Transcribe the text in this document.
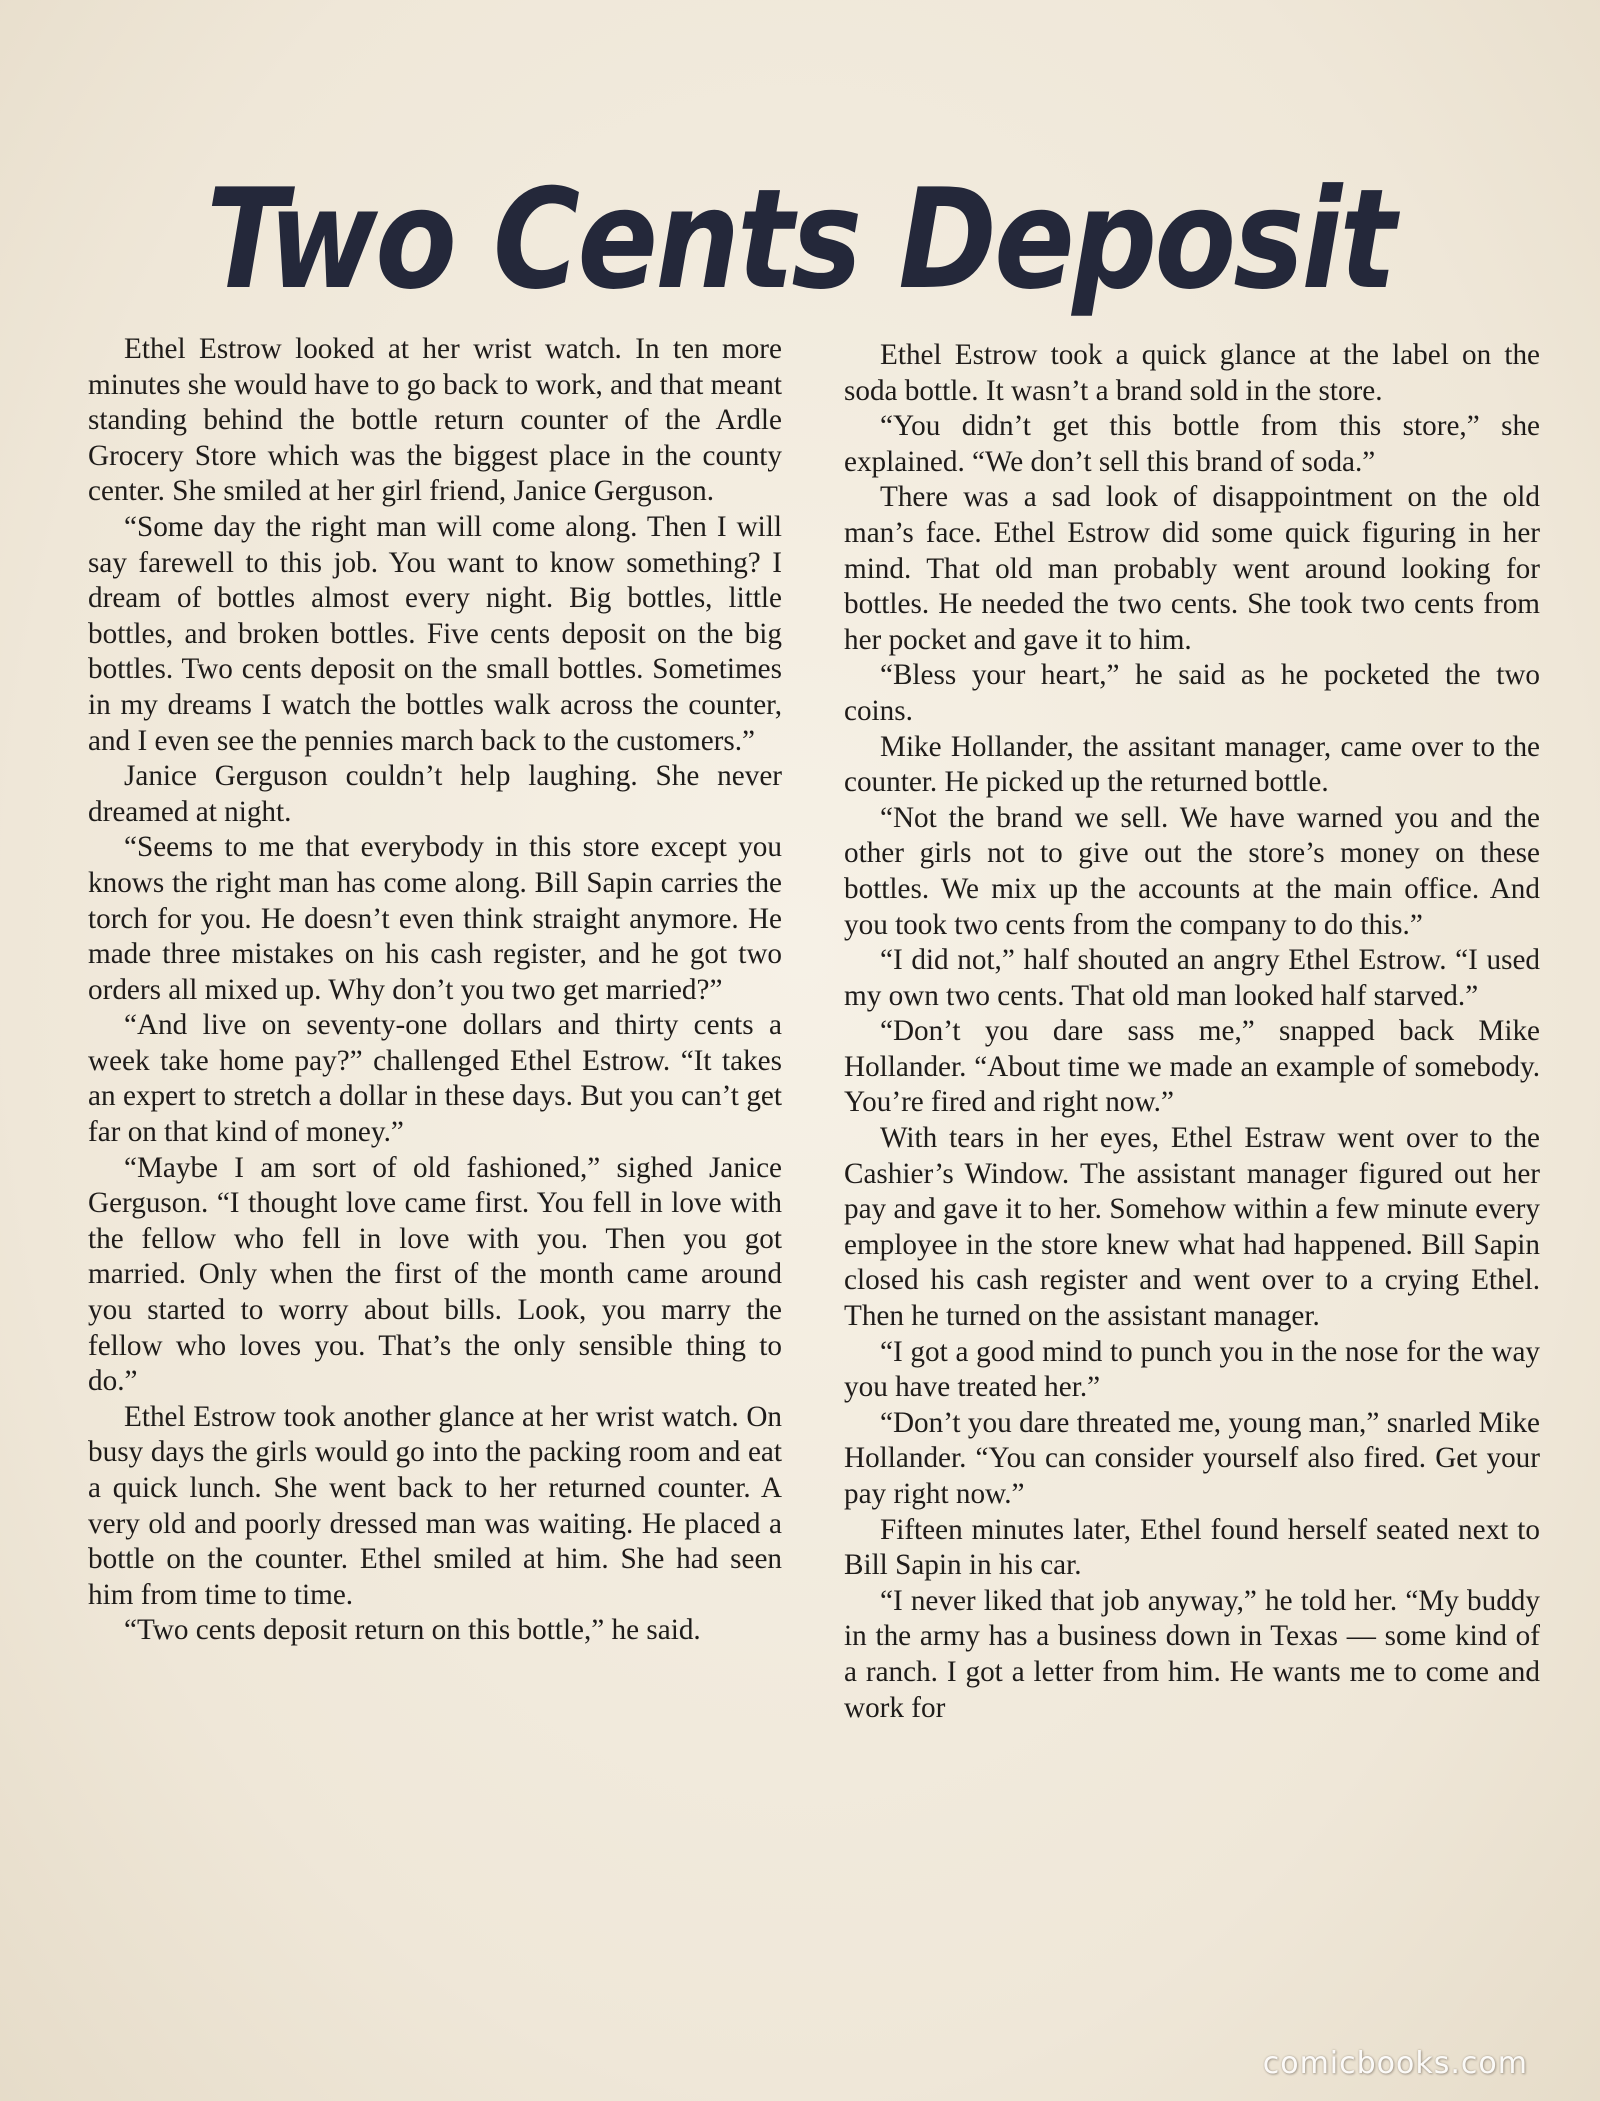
Two Cents Deposit

Ethel Estrow looked at her wrist watch. In ten more minutes she would have to go back to work, and that meant standing behind the bottle return counter of the Ardle Grocery Store which was the biggest place in the county center. She smiled at her girl friend, Janice Gerguson.

“Some day the right man will come along. Then I will say farewell to this job. You want to know something? I dream of bottles almost every night. Big bottles, little bottles, and broken bottles. Five cents deposit on the big bottles. Two cents deposit on the small bottles. Sometimes in my dreams I watch the bottles walk across the counter, and I even see the pennies march back to the customers.”

Janice Gerguson couldn’t help laughing. She never dreamed at night.

“Seems to me that everybody in this store except you knows the right man has come along. Bill Sapin carries the torch for you. He doesn’t even think straight anymore. He made three mistakes on his cash register, and he got two orders all mixed up. Why don’t you two get married?”

“And live on seventy-one dollars and thirty cents a week take home pay?” challenged Ethel Estrow. “It takes an expert to stretch a dollar in these days. But you can’t get far on that kind of money.”

“Maybe I am sort of old fashioned,” sighed Janice Gerguson. “I thought love came first. You fell in love with the fellow who fell in love with you. Then you got married. Only when the first of the month came around you started to worry about bills. Look, you marry the fellow who loves you. That’s the only sensible thing to do.”

Ethel Estrow took another glance at her wrist watch. On busy days the girls would go into the packing room and eat a quick lunch. She went back to her returned counter. A very old and poorly dressed man was waiting. He placed a bottle on the counter. Ethel smiled at him. She had seen him from time to time.

“Two cents deposit return on this bottle,” he said.

Ethel Estrow took a quick glance at the label on the soda bottle. It wasn’t a brand sold in the store.

“You didn’t get this bottle from this store,” she explained. “We don’t sell this brand of soda.”

There was a sad look of disappointment on the old man’s face. Ethel Estrow did some quick figuring in her mind. That old man probably went around looking for bottles. He needed the two cents. She took two cents from her pocket and gave it to him.

“Bless your heart,” he said as he pocketed the two coins.

Mike Hollander, the assitant manager, came over to the counter. He picked up the returned bottle.

“Not the brand we sell. We have warned you and the other girls not to give out the store’s money on these bottles. We mix up the accounts at the main office. And you took two cents from the company to do this.”

“I did not,” half shouted an angry Ethel Estrow. “I used my own two cents. That old man looked half starved.”

“Don’t you dare sass me,” snapped back Mike Hollander. “About time we made an example of somebody. You’re fired and right now.”

With tears in her eyes, Ethel Estraw went over to the Cashier’s Window. The assistant manager figured out her pay and gave it to her. Somehow within a few minute every employee in the store knew what had happened. Bill Sapin closed his cash register and went over to a crying Ethel. Then he turned on the assistant manager.

“I got a good mind to punch you in the nose for the way you have treated her.”

“Don’t you dare threated me, young man,” snarled Mike Hollander. “You can consider yourself also fired. Get your pay right now.”

Fifteen minutes later, Ethel found herself seated next to Bill Sapin in his car.

“I never liked that job anyway,” he told her. “My buddy in the army has a business down in Texas — some kind of a ranch. I got a letter from him. He wants me to come and work for

comicbooks.com
